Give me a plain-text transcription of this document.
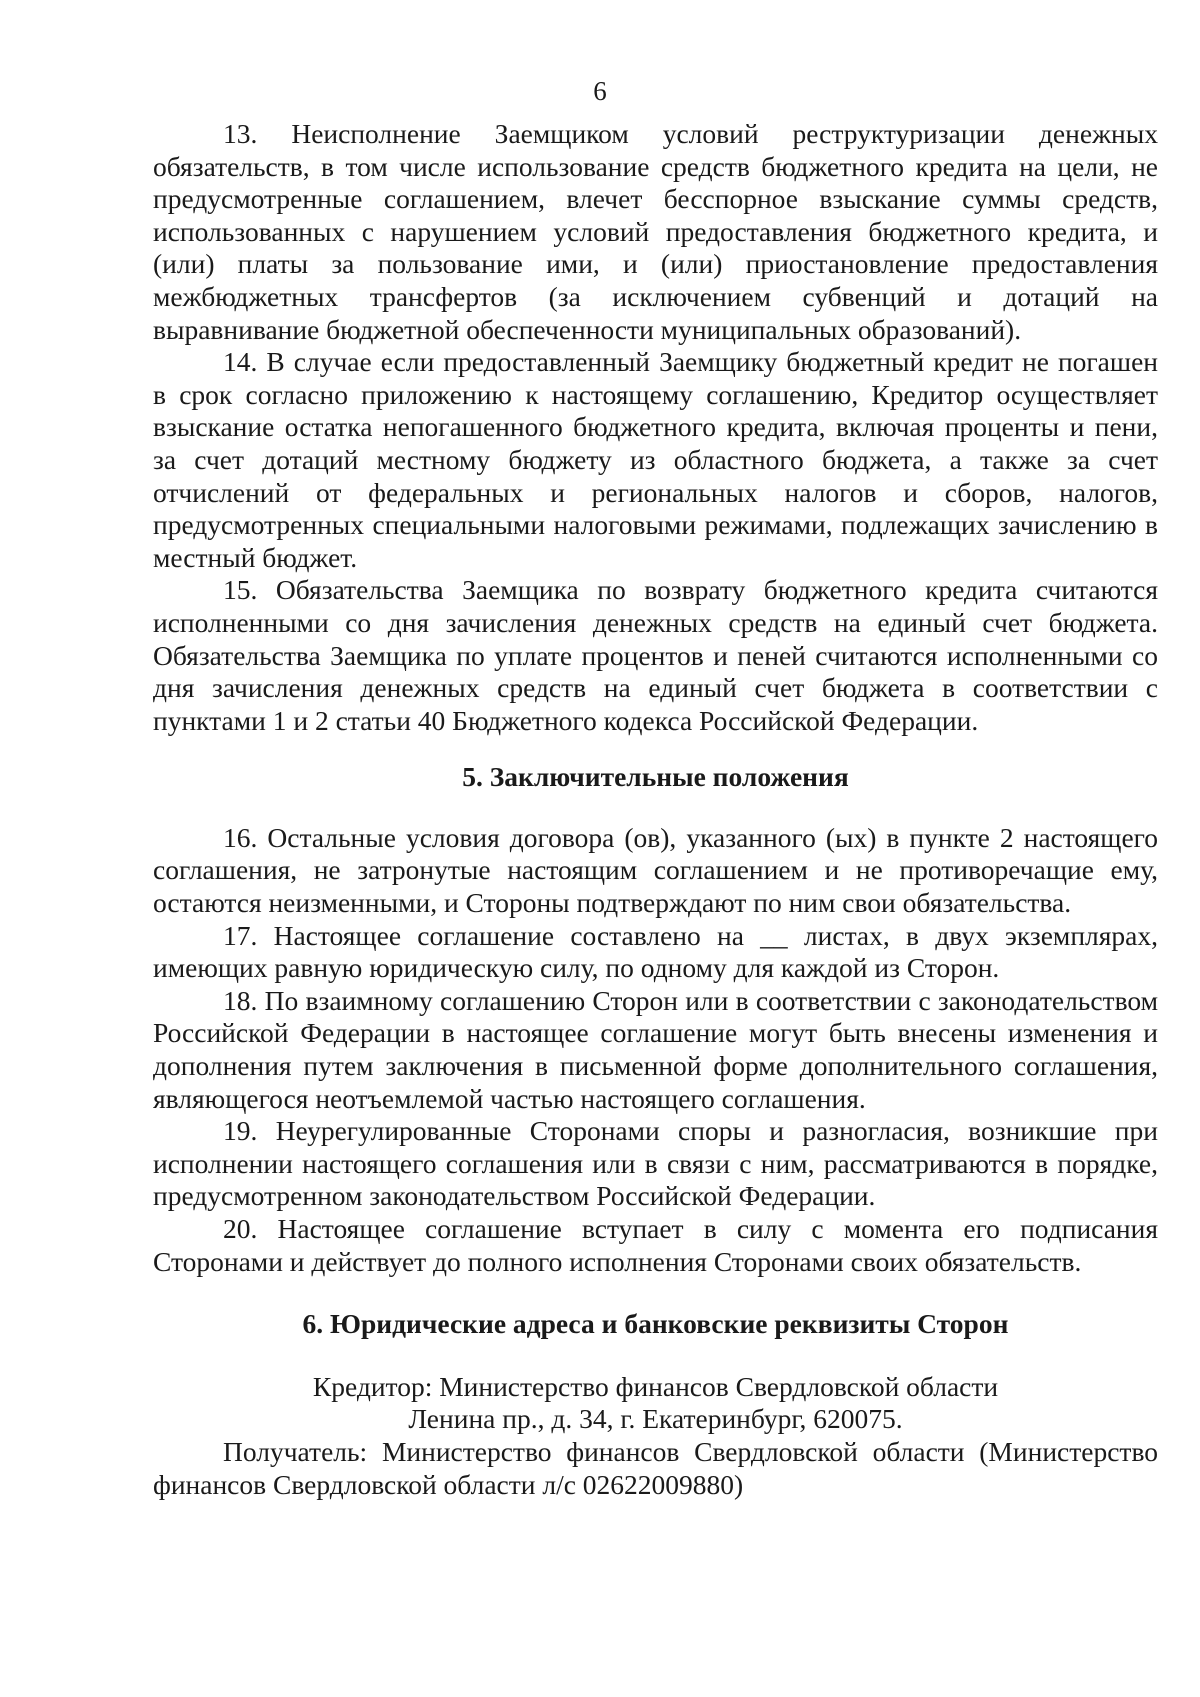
6

13. Неисполнение Заемщиком условий реструктуризации денежных обязательств, в том числе использование средств бюджетного кредита на цели, не предусмотренные соглашением, влечет бесспорное взыскание суммы средств, использованных с нарушением условий предоставления бюджетного кредита, и (или) платы за пользование ими, и (или) приостановление предоставления межбюджетных трансфертов (за исключением субвенций и дотаций на выравнивание бюджетной обеспеченности муниципальных образований).

14. В случае если предоставленный Заемщику бюджетный кредит не погашен в срок согласно приложению к настоящему соглашению, Кредитор осуществляет взыскание остатка непогашенного бюджетного кредита, включая проценты и пени, за счет дотаций местному бюджету из областного бюджета, а также за счет отчислений от федеральных и региональных налогов и сборов, налогов, предусмотренных специальными налоговыми режимами, подлежащих зачислению в местный бюджет.

15. Обязательства Заемщика по возврату бюджетного кредита считаются исполненными со дня зачисления денежных средств на единый счет бюджета. Обязательства Заемщика по уплате процентов и пеней считаются исполненными со дня зачисления денежных средств на единый счет бюджета в соответствии с пунктами 1 и 2 статьи 40 Бюджетного кодекса Российской Федерации.

5. Заключительные положения

16. Остальные условия договора (ов), указанного (ых) в пункте 2 настоящего соглашения, не затронутые настоящим соглашением и не противоречащие ему, остаются неизменными, и Стороны подтверждают по ним свои обязательства.

17. Настоящее соглашение составлено на __ листах, в двух экземплярах, имеющих равную юридическую силу, по одному для каждой из Сторон.

18. По взаимному соглашению Сторон или в соответствии с законодательством Российской Федерации в настоящее соглашение могут быть внесены изменения и дополнения путем заключения в письменной форме дополнительного соглашения, являющегося неотъемлемой частью настоящего соглашения.

19. Неурегулированные Сторонами споры и разногласия, возникшие при исполнении настоящего соглашения или в связи с ним, рассматриваются в порядке, предусмотренном законодательством Российской Федерации.

20. Настоящее соглашение вступает в силу с момента его подписания Сторонами и действует до полного исполнения Сторонами своих обязательств.

6. Юридические адреса и банковские реквизиты Сторон

Кредитор: Министерство финансов Свердловской области

Ленина пр., д. 34, г. Екатеринбург, 620075.

Получатель: Министерство финансов Свердловской области (Министерство финансов Свердловской области л/с 02622009880)
